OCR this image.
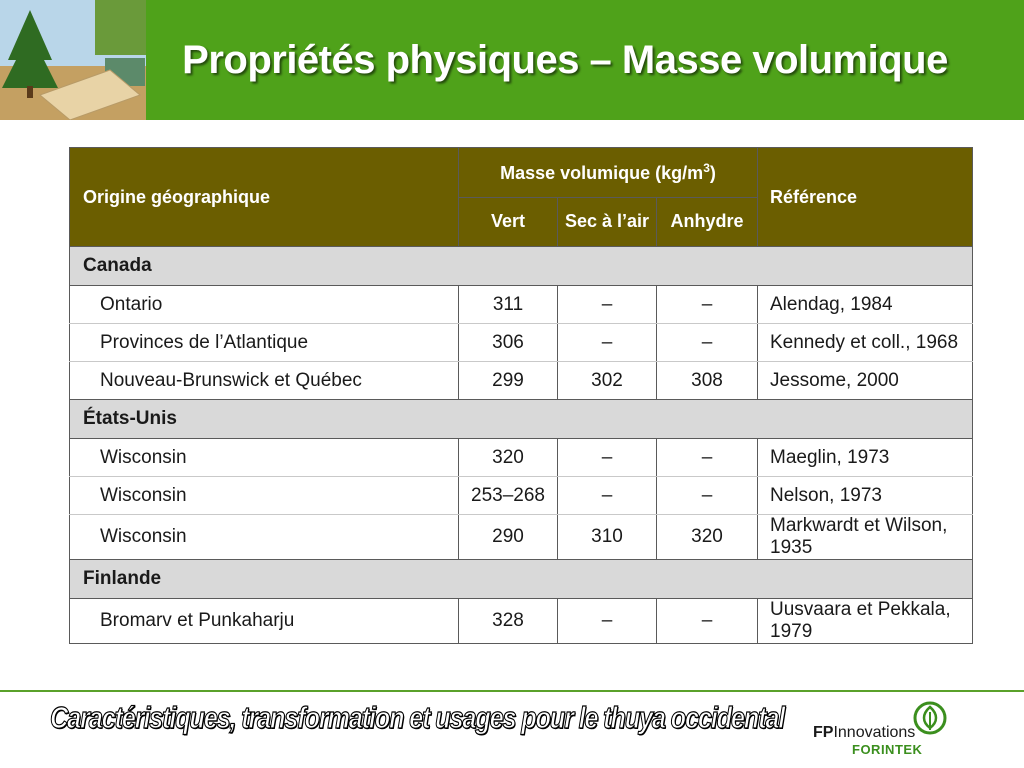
Propriétés physiques – Masse volumique
Origine géographique	Masse volumique $(kg/m^3)$			Référence
	Vert	Sec à l’air	Anhydre	
Canada				
Ontario	311	–	–	Alendag, 1984
Provinces de l’Atlantique	306	–	–	Kennedy et coll., 1968
Nouveau-Brunswick et Québec	299	302	308	Jessome, 2000
États-Unis				
Wisconsin	320	–	–	Maeglin, 1973
Wisconsin	253–268	–	–	Nelson, 1973
Wisconsin	290	310	320	Markwardt et Wilson, 1935
Finlande				
Bromarv et Punkaharju	328	–	–	Uusvaara et Pekkala, 1979
Caractéristiques, transformation et usages pour le thuya occidental FPInnovations
FORINTEK
